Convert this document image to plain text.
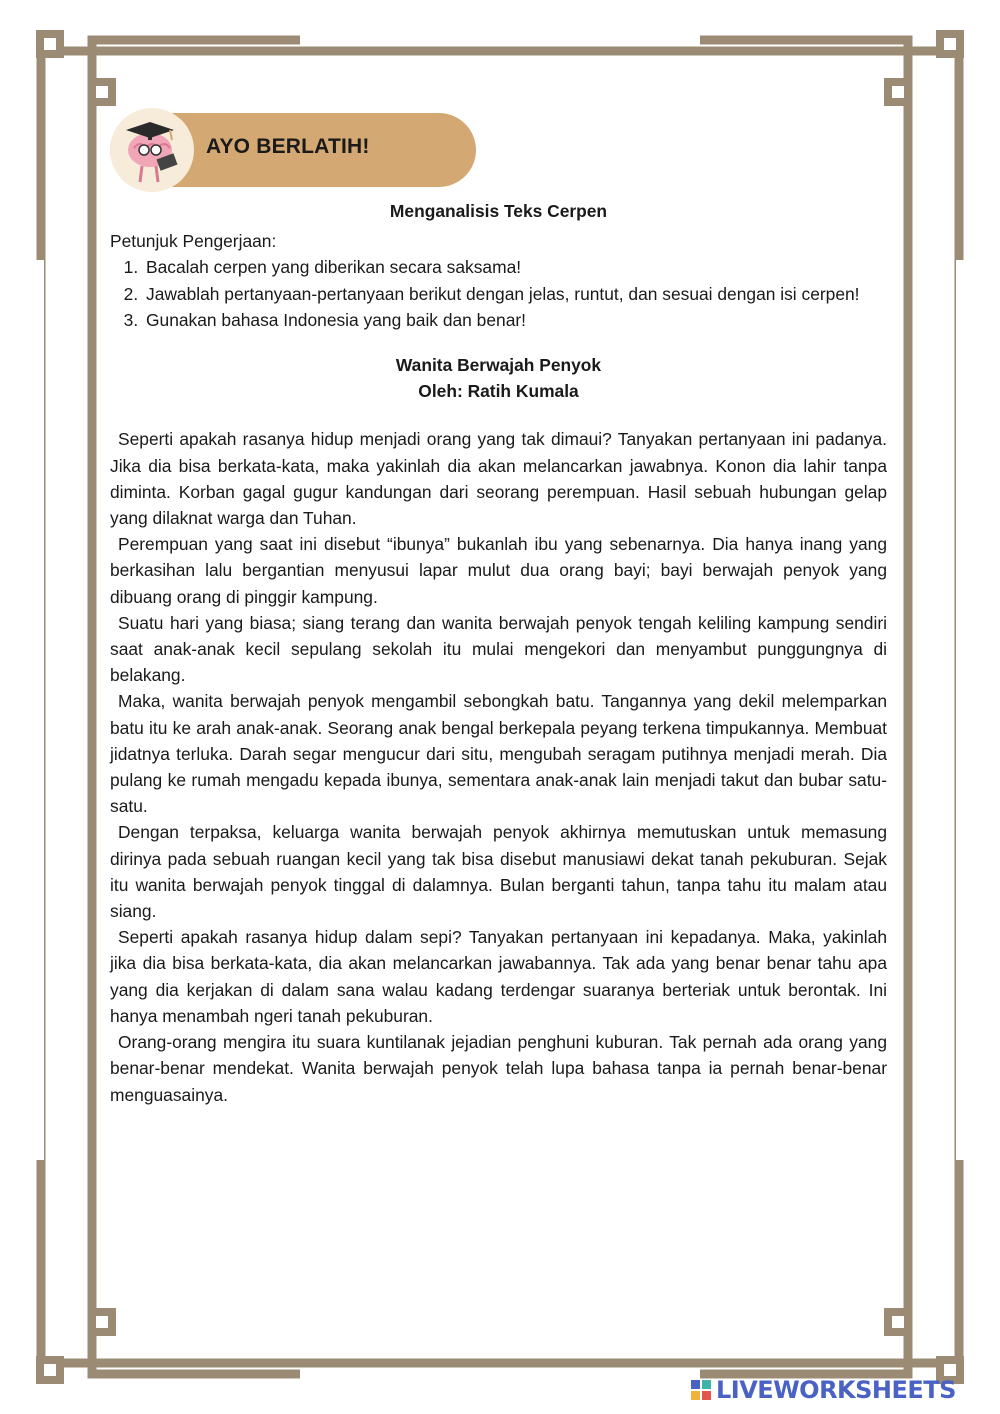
AYO BERLATIH!
Menganalisis Teks Cerpen
Petunjuk Pengerjaan:
1. Bacalah cerpen yang diberikan secara saksama!
2. Jawablah pertanyaan-pertanyaan berikut dengan jelas, runtut, dan sesuai dengan isi cerpen!
3. Gunakan bahasa Indonesia yang baik dan benar!
Wanita Berwajah Penyok
Oleh: Ratih Kumala

Seperti apakah rasanya hidup menjadi orang yang tak dimaui? Tanyakan pertanyaan ini padanya. Jika dia bisa berkata-kata, maka yakinlah dia akan melancarkan jawabnya. Konon dia lahir tanpa diminta. Korban gagal gugur kandungan dari seorang perempuan. Hasil sebuah hubungan gelap yang dilaknat warga dan Tuhan.

Perempuan yang saat ini disebut “ibunya” bukanlah ibu yang sebenarnya. Dia hanya inang yang berkasihan lalu bergantian menyusui lapar mulut dua orang bayi; bayi berwajah penyok yang dibuang orang di pinggir kampung.

Suatu hari yang biasa; siang terang dan wanita berwajah penyok tengah keliling kampung sendiri saat anak-anak kecil sepulang sekolah itu mulai mengekori dan menyambut punggungnya di belakang.

Maka, wanita berwajah penyok mengambil sebongkah batu. Tangannya yang dekil melemparkan batu itu ke arah anak-anak. Seorang anak bengal berkepala peyang terkena timpukannya. Membuat jidatnya terluka. Darah segar mengucur dari situ, mengubah seragam putihnya menjadi merah. Dia pulang ke rumah mengadu kepada ibunya, sementara anak-anak lain menjadi takut dan bubar satu-satu.

Dengan terpaksa, keluarga wanita berwajah penyok akhirnya memutuskan untuk memasung dirinya pada sebuah ruangan kecil yang tak bisa disebut manusiawi dekat tanah pekuburan. Sejak itu wanita berwajah penyok tinggal di dalamnya. Bulan berganti tahun, tanpa tahu itu malam atau siang.

Seperti apakah rasanya hidup dalam sepi? Tanyakan pertanyaan ini kepadanya. Maka, yakinlah jika dia bisa berkata-kata, dia akan melancarkan jawabannya. Tak ada yang benar benar tahu apa yang dia kerjakan di dalam sana walau kadang terdengar suaranya berteriak untuk berontak. Ini hanya menambah ngeri tanah pekuburan.

Orang-orang mengira itu suara kuntilanak jejadian penghuni kuburan. Tak pernah ada orang yang benar-benar mendekat. Wanita berwajah penyok telah lupa bahasa tanpa ia pernah benar-benar menguasainya.

LIVEWORKSHEETS
